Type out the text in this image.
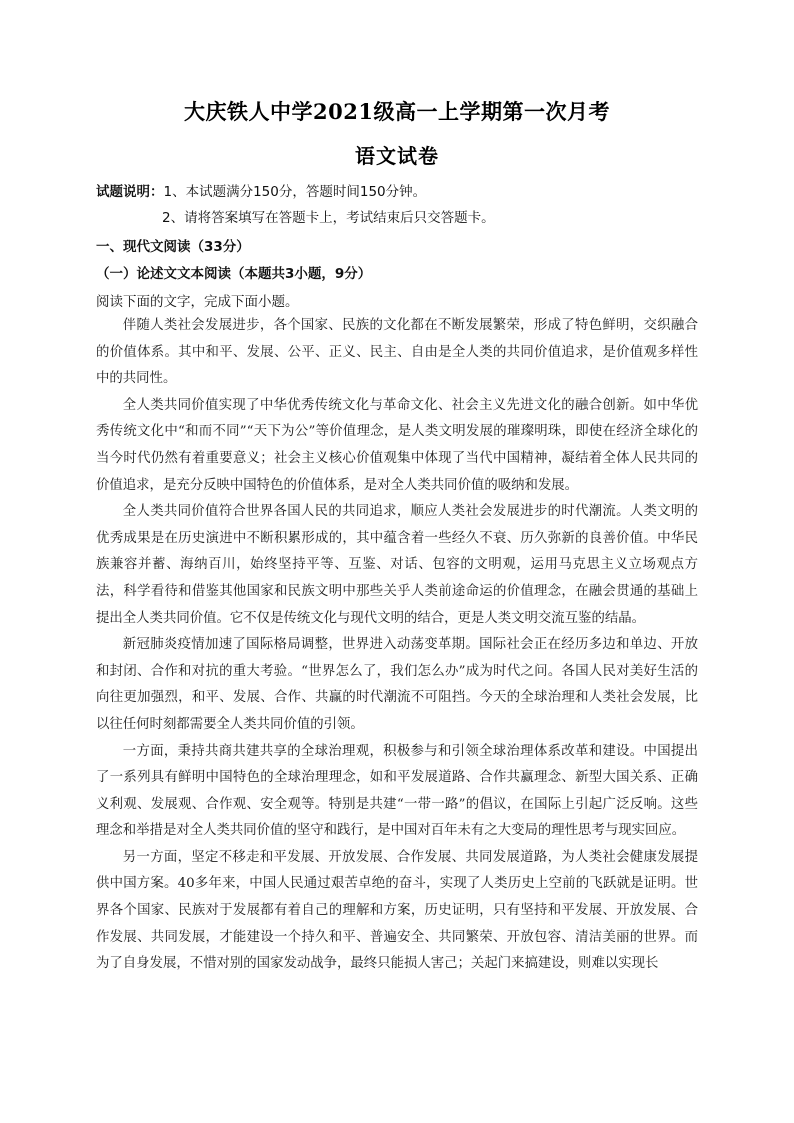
大庆铁人中学2021级高一上学期第一次月考
语文试卷
试题说明：1、本试题满分150分，答题时间150分钟。
2、请将答案填写在答题卡上，考试结束后只交答题卡。
一、现代文阅读（33分）
（一）论述文文本阅读（本题共3小题，9分）
阅读下面的文字，完成下面小题。

伴随人类社会发展进步，各个国家、民族的文化都在不断发展繁荣，形成了特色鲜明，交织融合的价值体系。其中和平、发展、公平、正义、民主、自由是全人类的共同价值追求，是价值观多样性中的共同性。

全人类共同价值实现了中华优秀传统文化与革命文化、社会主义先进文化的融合创新。如中华优秀传统文化中“和而不同”“天下为公”等价值理念，是人类文明发展的璀璨明珠，即使在经济全球化的当今时代仍然有着重要意义；社会主义核心价值观集中体现了当代中国精神，凝结着全体人民共同的价值追求，是充分反映中国特色的价值体系，是对全人类共同价值的吸纳和发展。

全人类共同价值符合世界各国人民的共同追求，顺应人类社会发展进步的时代潮流。人类文明的优秀成果是在历史演进中不断积累形成的，其中蕴含着一些经久不衰、历久弥新的良善价值。中华民族兼容并蓄、海纳百川，始终坚持平等、互鉴、对话、包容的文明观，运用马克思主义立场观点方法，科学看待和借鉴其他国家和民族文明中那些关乎人类前途命运的价值理念，在融会贯通的基础上提出全人类共同价值。它不仅是传统文化与现代文明的结合，更是人类文明交流互鉴的结晶。

新冠肺炎疫情加速了国际格局调整，世界进入动荡变革期。国际社会正在经历多边和单边、开放和封闭、合作和对抗的重大考验。“世界怎么了，我们怎么办”成为时代之问。各国人民对美好生活的向往更加强烈，和平、发展、合作、共赢的时代潮流不可阻挡。今天的全球治理和人类社会发展，比以往任何时刻都需要全人类共同价值的引领。

一方面，秉持共商共建共享的全球治理观，积极参与和引领全球治理体系改革和建设。中国提出了一系列具有鲜明中国特色的全球治理理念，如和平发展道路、合作共赢理念、新型大国关系、正确义利观、发展观、合作观、安全观等。特别是共建“一带一路”的倡议，在国际上引起广泛反响。这些理念和举措是对全人类共同价值的坚守和践行，是中国对百年未有之大变局的理性思考与现实回应。

另一方面，坚定不移走和平发展、开放发展、合作发展、共同发展道路，为人类社会健康发展提供中国方案。40多年来，中国人民通过艰苦卓绝的奋斗，实现了人类历史上空前的飞跃就是证明。世界各个国家、民族对于发展都有着自己的理解和方案，历史证明，只有坚持和平发展、开放发展、合作发展、共同发展，才能建设一个持久和平、普遍安全、共同繁荣、开放包容、清洁美丽的世界。而为了自身发展，不惜对别的国家发动战争，最终只能损人害己；关起门来搞建设，则难以实现长
